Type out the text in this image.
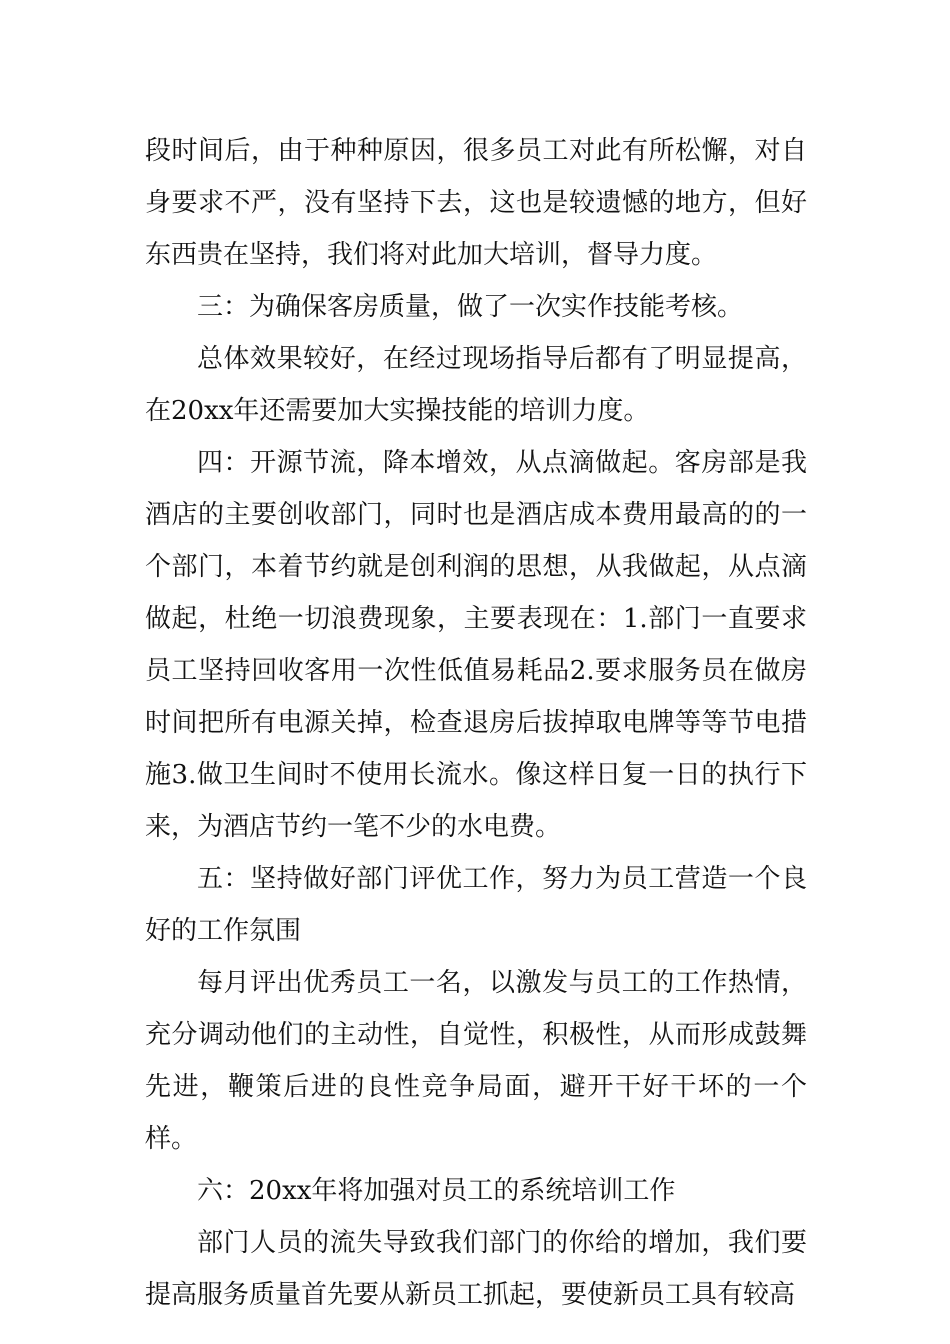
段时间后，由于种种原因，很多员工对此有所松懈，对自身要求不严，没有坚持下去，这也是较遗憾的地方，但好东西贵在坚持，我们将对此加大培训，督导力度。

三：为确保客房质量，做了一次实作技能考核。

总体效果较好，在经过现场指导后都有了明显提高，在20xx年还需要加大实操技能的培训力度。

四：开源节流，降本增效，从点滴做起。客房部是我酒店的主要创收部门，同时也是酒店成本费用最高的的一个部门，本着节约就是创利润的思想，从我做起，从点滴做起，杜绝一切浪费现象，主要表现在：1.部门一直要求员工坚持回收客用一次性低值易耗品2.要求服务员在做房时间把所有电源关掉，检查退房后拔掉取电牌等等节电措施3.做卫生间时不使用长流水。像这样日复一日的执行下来，为酒店节约一笔不少的水电费。

五：坚持做好部门评优工作，努力为员工营造一个良好的工作氛围

每月评出优秀员工一名，以激发与员工的工作热情，充分调动他们的主动性，自觉性，积极性，从而形成鼓舞先进，鞭策后进的良性竞争局面，避开干好干坏的一个样。

六：20xx年将加强对员工的系统培训工作

部门人员的流失导致我们部门的你给的增加，我们要提高服务质量首先要从新员工抓起，要使新员工具有较高
